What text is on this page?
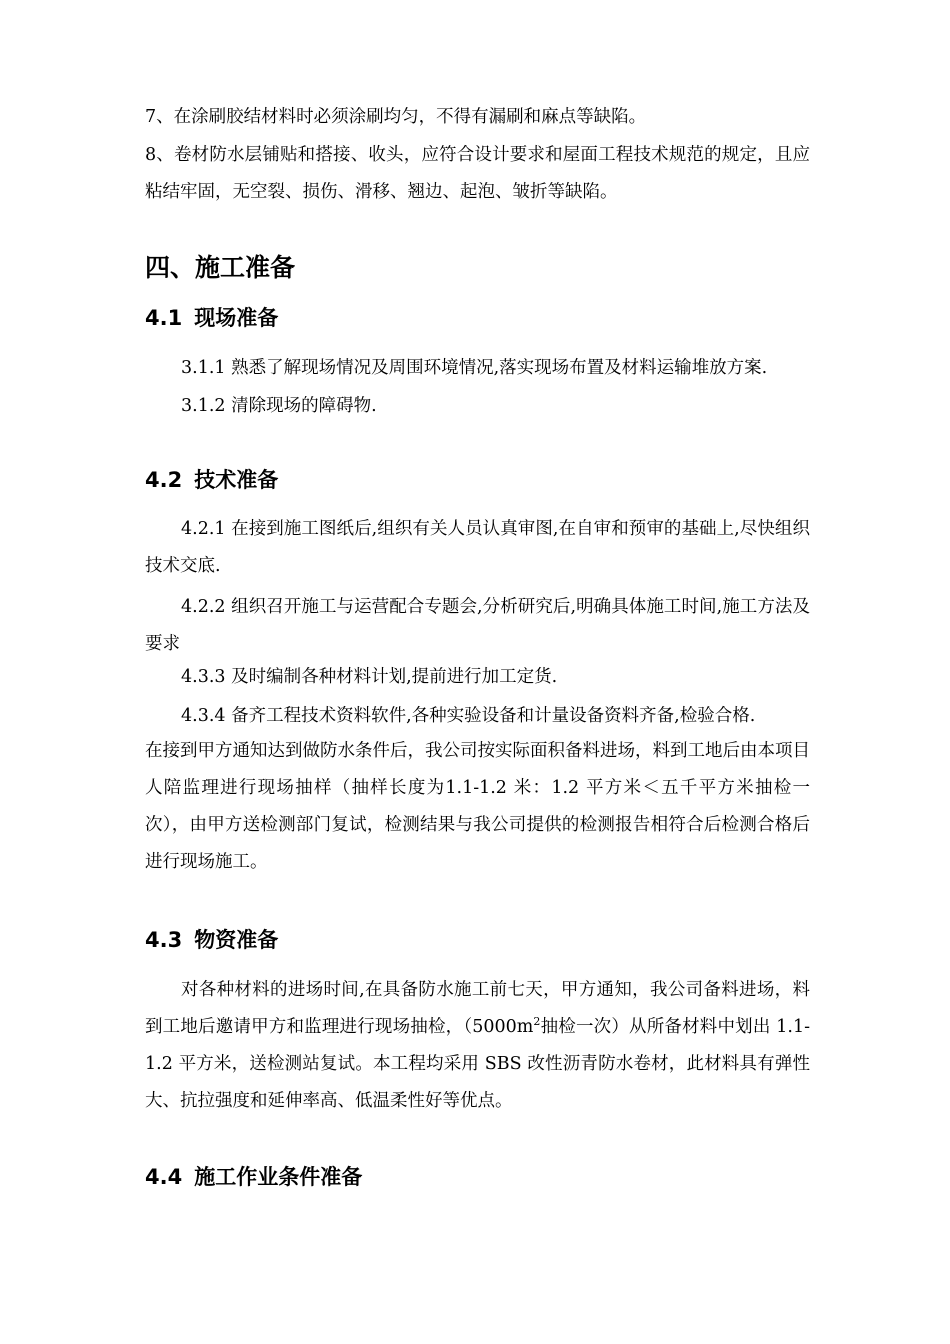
7、在涂刷胶结材料时必须涂刷均匀，不得有漏刷和麻点等缺陷。

8、卷材防水层铺贴和搭接、收头，应符合设计要求和屋面工程技术规范的规定，且应粘结牢固，无空裂、损伤、滑移、翘边、起泡、皱折等缺陷。

四、施工准备
4.1 现场准备

3.1.1 熟悉了解现场情况及周围环境情况,落实现场布置及材料运输堆放方案.

3.1.2 清除现场的障碍物.

4.2 技术准备

4.2.1 在接到施工图纸后,组织有关人员认真审图,在自审和预审的基础上,尽快组织技术交底.

4.2.2 组织召开施工与运营配合专题会,分析研究后,明确具体施工时间,施工方法及要求

4.3.3 及时编制各种材料计划,提前进行加工定货.

4.3.4 备齐工程技术资料软件,各种实验设备和计量设备资料齐备,检验合格.

在接到甲方通知达到做防水条件后，我公司按实际面积备料进场，料到工地后由本项目人陪监理进行现场抽样（抽样长度为1.1-1.2 米：1.2 平方米＜五千平方米抽检一次），由甲方送检测部门复试，检测结果与我公司提供的检测报告相符合后检测合格后进行现场施工。

4.3 物资准备

对各种材料的进场时间,在具备防水施工前七天，甲方通知，我公司备料进场，料到工地后邀请甲方和监理进行现场抽检，（$5000m^2$抽检一次）从所备材料中划出 1.1-1.2 平方米，送检测站复试。本工程均采用 SBS 改性沥青防水卷材，此材料具有弹性大、抗拉强度和延伸率高、低温柔性好等优点。

4.4 施工作业条件准备
